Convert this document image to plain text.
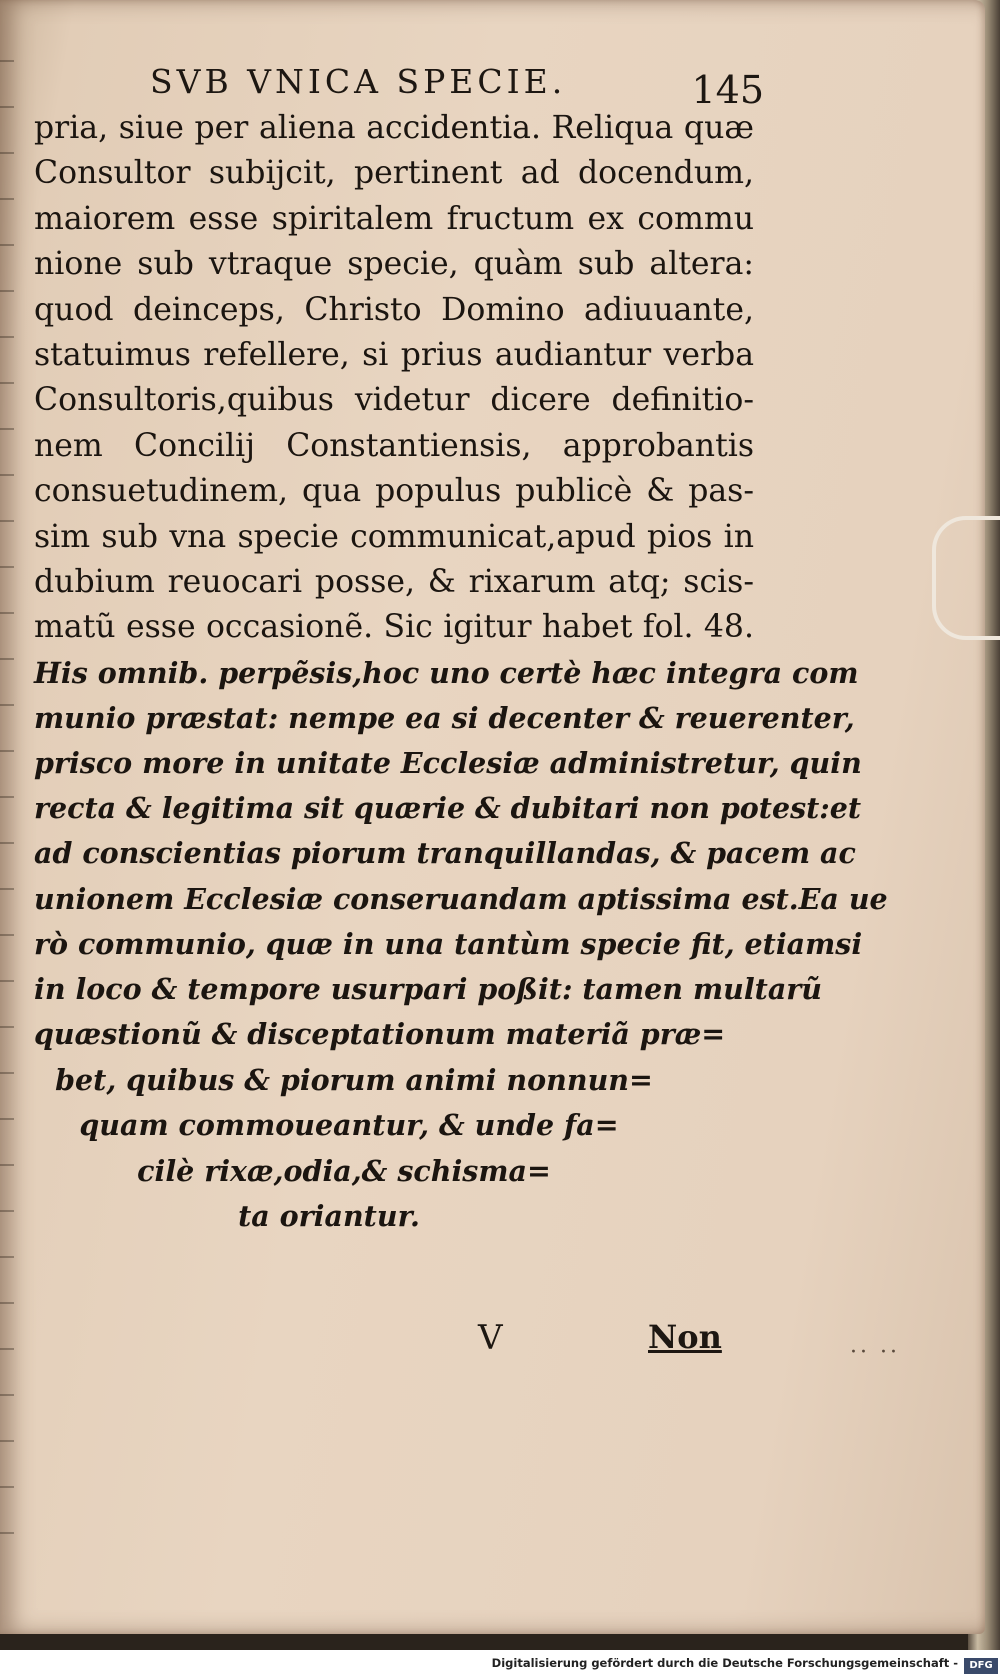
SVB VNICA SPECIE.	145
pria, siue per aliena accidentia. Reliqua quæ
Consultor subijcit, pertinent ad docendum,
maiorem esse spiritalem fructum ex commu
nione sub vtraque specie, quàm sub altera:
quod deinceps, Christo Domino adiuuante,
statuimus refellere, si prius audiantur verba
Consultoris,quibus videtur dicere definitio-
nem Concilij Constantiensis, approbantis
consuetudinem, qua populus publicè & pas-
sim sub vna specie communicat,apud pios in
dubium reuocari posse, & rixarum atq; scis-
matũ esse occasionẽ. Sic igitur habet fol. 48.
His omnib. perpẽsis,hoc uno certè hæc integra com
munio præstat: nempe ea si decenter & reuerenter,
prisco more in unitate Ecclesiæ administretur, quin
recta & legitima sit quærie & dubitari non potest:et
ad conscientias piorum tranquillandas, & pacem ac
unionem Ecclesiæ conseruandam aptissima est.Ea ue
rò communio, quæ in una tantùm specie fit, etiamsi
in loco & tempore usurpari poßit: tamen multarũ
quæstionũ & disceptationum materiã præ=
bet, quibus & piorum animi nonnun=
quam commoueantur, & unde fa=
cilè rixæ,odia,& schisma=
ta oriantur.
V	Non	·· ··
Digitalisierung gefördert durch die Deutsche Forschungsgemeinschaft -	DFG
